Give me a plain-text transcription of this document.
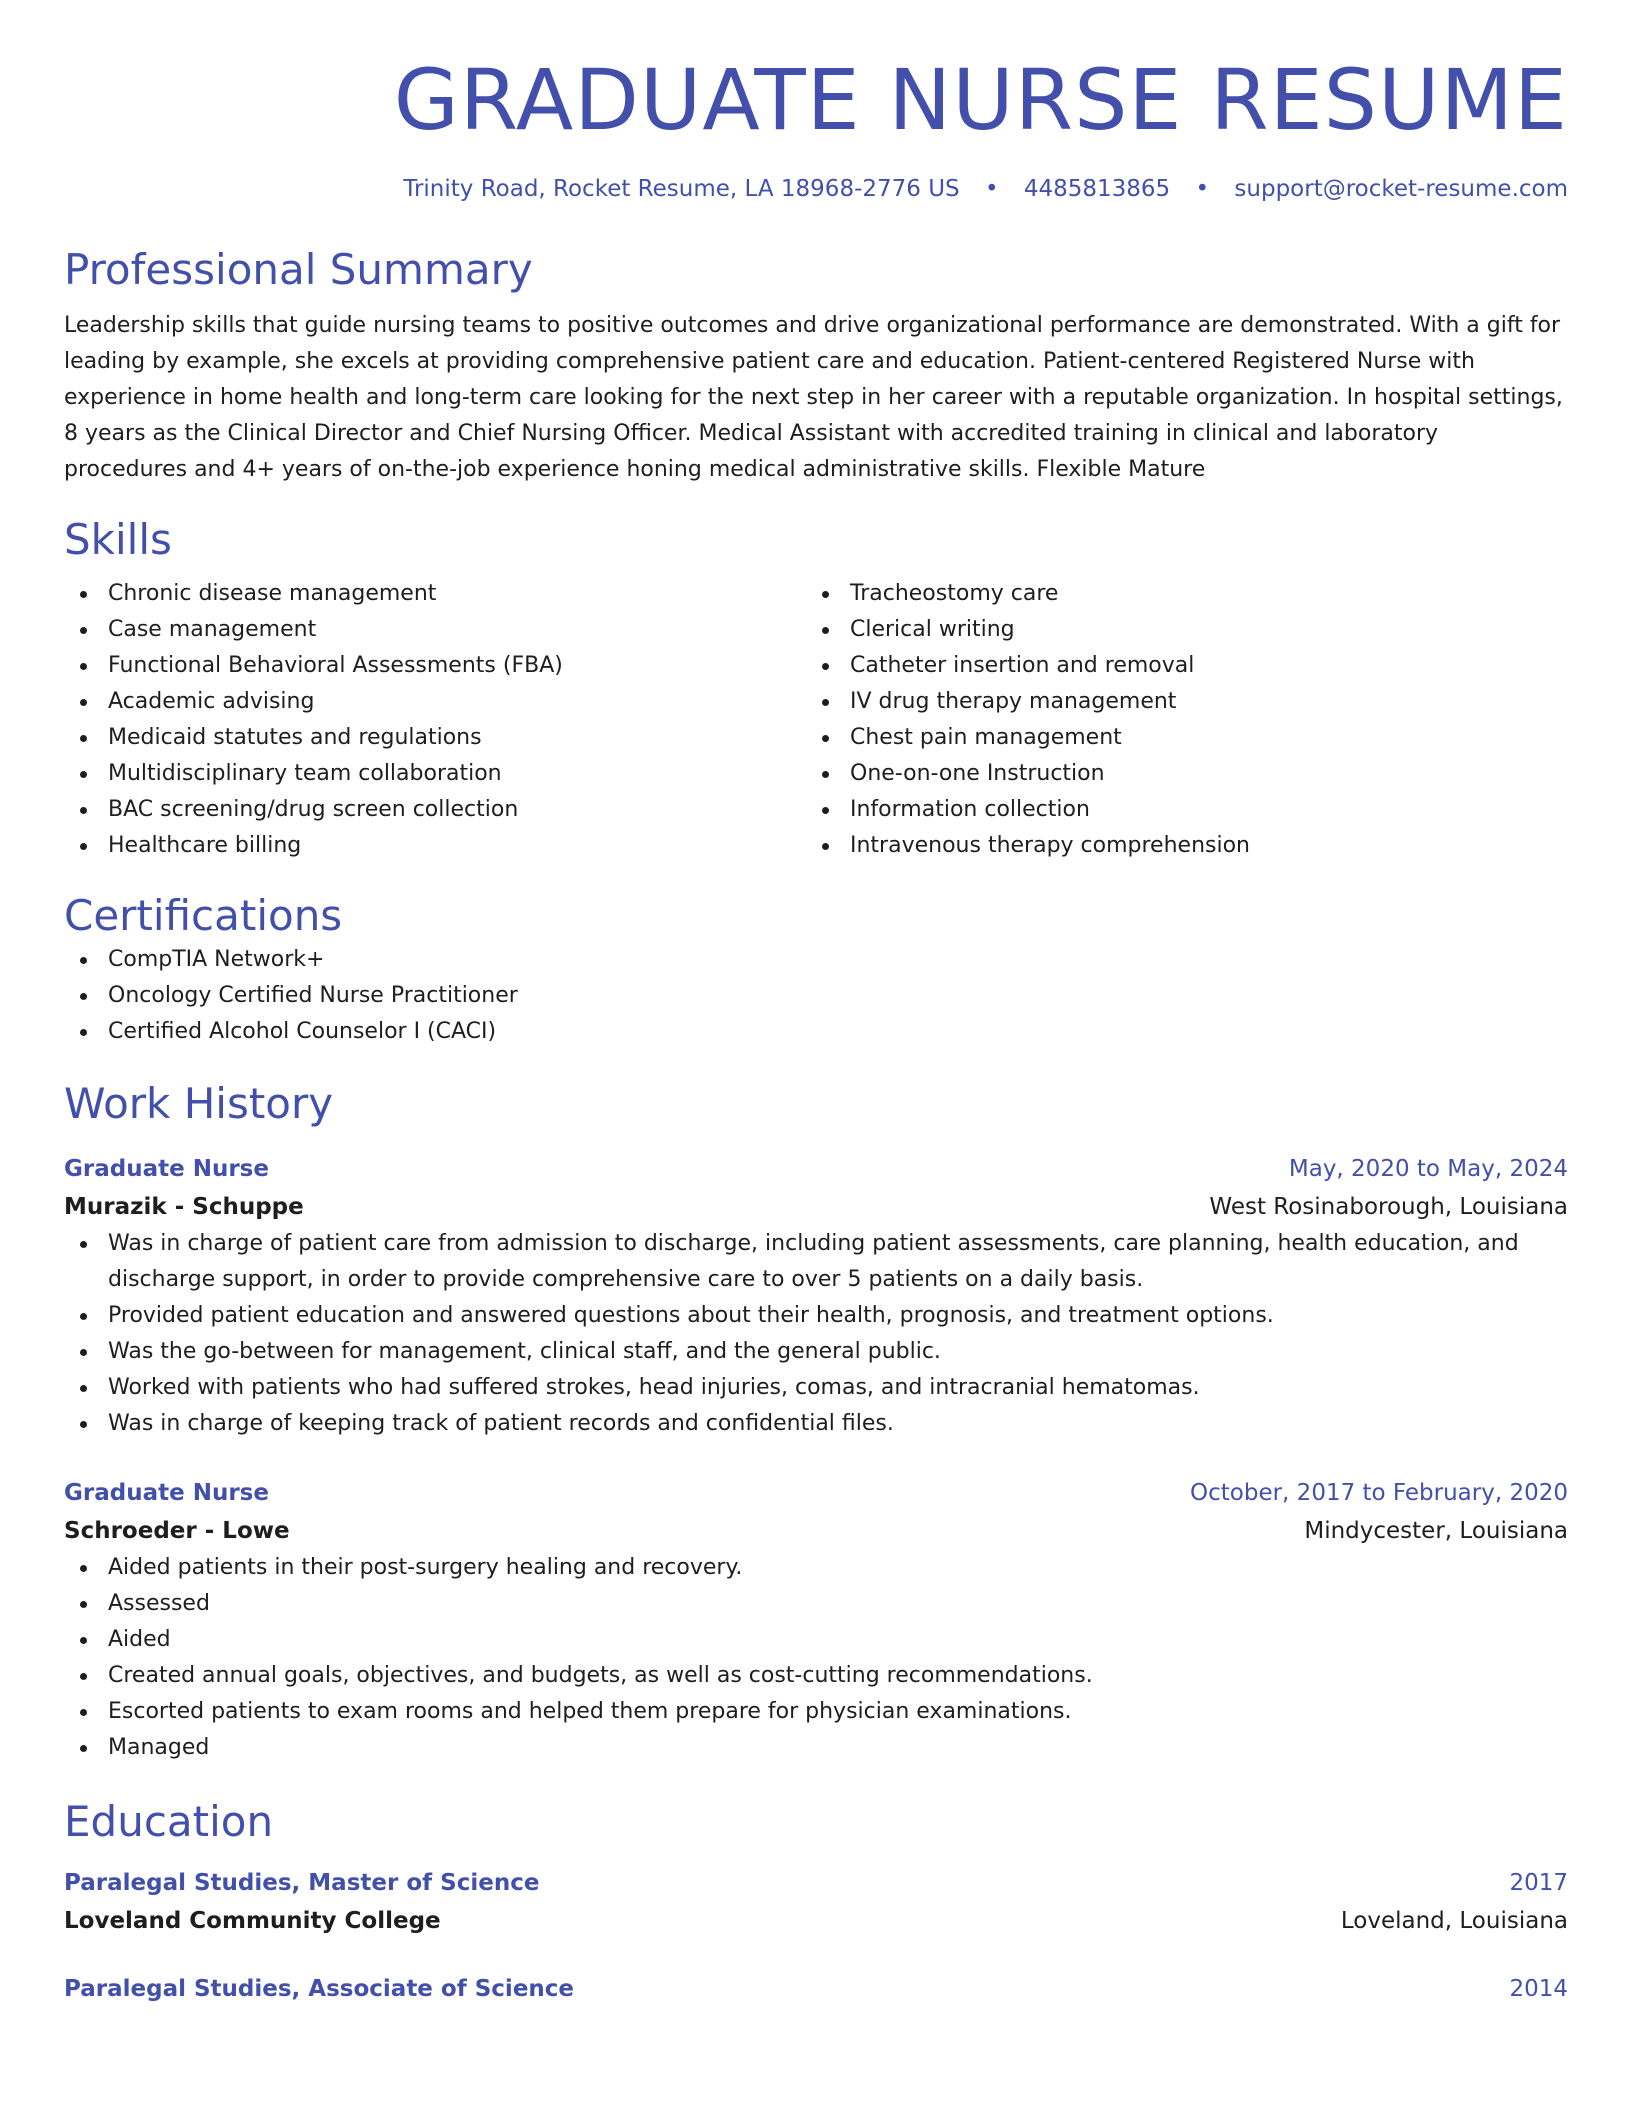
GRADUATE NURSE RESUME
Trinity Road, Rocket Resume, LA 18968-2776 US • 4485813865 • support@rocket-resume.com
Professional Summary

Leadership skills that guide nursing teams to positive outcomes and drive organizational performance are demonstrated. With a gift for leading by example, she excels at providing comprehensive patient care and education. Patient-centered Registered Nurse with experience in home health and long-term care looking for the next step in her career with a reputable organization. In hospital settings, 8 years as the Clinical Director and Chief Nursing Officer. Medical Assistant with accredited training in clinical and laboratory procedures and 4+ years of on-the-job experience honing medical administrative skills. Flexible Mature

Skills
Chronic disease management
Case management
Functional Behavioral Assessments (FBA)
Academic advising
Medicaid statutes and regulations
Multidisciplinary team collaboration
BAC screening/drug screen collection
Healthcare billing
Tracheostomy care
Clerical writing
Catheter insertion and removal
IV drug therapy management
Chest pain management
One-on-one Instruction
Information collection
Intravenous therapy comprehension
Certifications
CompTIA Network+
Oncology Certified Nurse Practitioner
Certified Alcohol Counselor I (CACI)
Work History
Graduate Nurse	May, 2020 to May, 2024
Murazik - Schuppe	West Rosinaborough, Louisiana
Was in charge of patient care from admission to discharge, including patient assessments, care planning, health education, and discharge support, in order to provide comprehensive care to over 5 patients on a daily basis.
Provided patient education and answered questions about their health, prognosis, and treatment options.
Was the go-between for management, clinical staff, and the general public.
Worked with patients who had suffered strokes, head injuries, comas, and intracranial hematomas.
Was in charge of keeping track of patient records and confidential files.
Graduate Nurse	October, 2017 to February, 2020
Schroeder - Lowe	Mindycester, Louisiana
Aided patients in their post-surgery healing and recovery.
Assessed
Aided
Created annual goals, objectives, and budgets, as well as cost-cutting recommendations.
Escorted patients to exam rooms and helped them prepare for physician examinations.
Managed
Education
Paralegal Studies, Master of Science	2017
Loveland Community College	Loveland, Louisiana
Paralegal Studies, Associate of Science	2014
